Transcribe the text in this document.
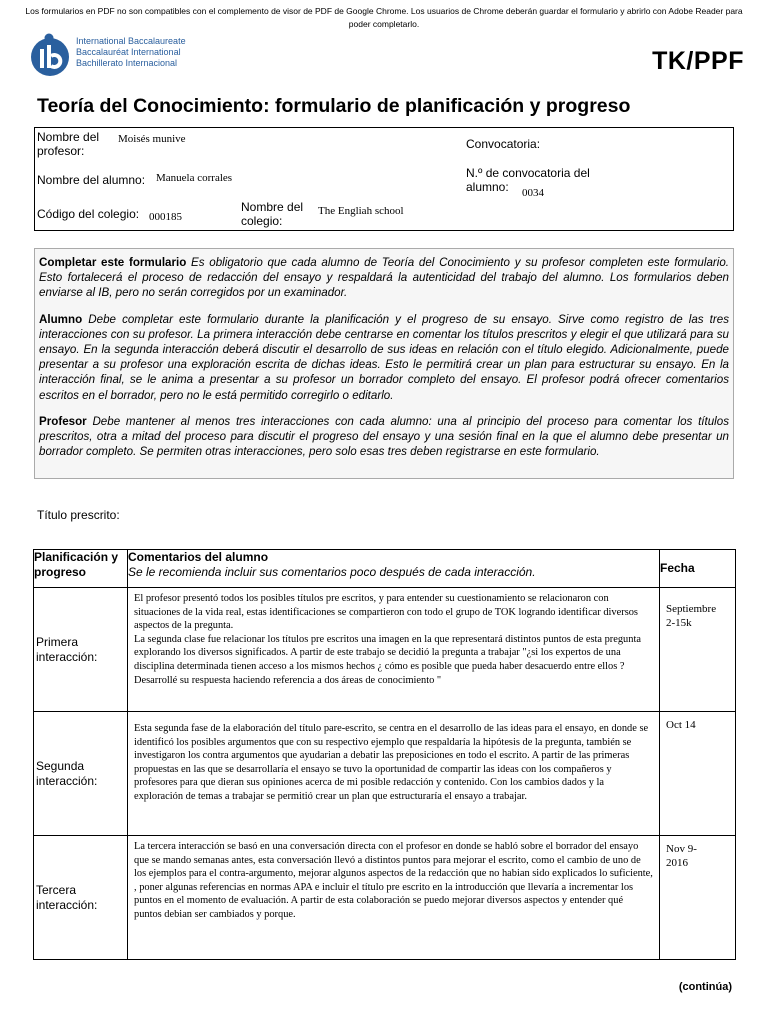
Los formularios en PDF no son compatibles con el complemento de visor de PDF de Google Chrome. Los usuarios de Chrome deberán guardar el formulario y abrirlo con Adobe Reader para poder completarlo.
International Baccalaureate
Baccalauréat International
Bachillerato Internacional	TK/PPF
Teoría del Conocimiento: formulario de planificación y progreso
Nombre del profesor:
Moisés munive	Convocatoria:
Nombre del alumno: Manuela corrales	N.º de convocatoria del alumno:	0034
Código del colegio: 000185
Nombre del colegio:
The Engliah school

Completar este formulario Es obligatorio que cada alumno de Teoría del Conocimiento y su profesor completen este formulario. Esto fortalecerá el proceso de redacción del ensayo y respaldará la autenticidad del trabajo del alumno. Los formularios deben enviarse al IB, pero no serán corregidos por un examinador.

Alumno Debe completar este formulario durante la planificación y el progreso de su ensayo. Sirve como registro de las tres interacciones con su profesor. La primera interacción debe centrarse en comentar los títulos prescritos y elegir el que utilizará para su ensayo. En la segunda interacción deberá discutir el desarrollo de sus ideas en relación con el título elegido. Adicionalmente, puede presentar a su profesor una exploración escrita de dichas ideas. Esto le permitirá crear un plan para estructurar su ensayo. En la interacción final, se le anima a presentar a su profesor un borrador completo del ensayo. El profesor podrá ofrecer comentarios escritos en el borrador, pero no le está permitido corregirlo o editarlo.

Profesor Debe mantener al menos tres interacciones con cada alumno: una al principio del proceso para comentar los títulos prescritos, otra a mitad del proceso para discutir el progreso del ensayo y una sesión final en la que el alumno debe presentar un borrador completo. Se permiten otras interacciones, pero solo esas tres deben registrarse en este formulario.

Título prescrito:
Planificación y progreso	Comentarios del alumno
Se le recomienda incluir sus comentarios poco después de cada interacción.	Fecha
Primera interacción:	El profesor presentó todos los posibles títulos pre escritos, y para entender su cuestionamiento se relacionaron con situaciones de la vida real, estas identificaciones se compartieron con todo el grupo de TOK logrando identificar diversos aspectos de la pregunta.
La segunda clase fue relacionar los títulos pre escritos una imagen en la que representará distintos puntos de esta pregunta explorando los diversos significados. A partir de este trabajo se decidió la pregunta a trabajar "¿si los expertos de una disciplina determinada tienen acceso a los mismos hechos ¿ cómo es posible que pueda haber desacuerdo entre ellos ? Desarrollé su respuesta haciendo referencia a dos áreas de conocimiento "	Septiembre
2-15k
Segunda interacción:	Esta segunda fase de la elaboración del título pare-escrito, se centra en el desarrollo de las ideas para el ensayo, en donde se identificó los posibles argumentos que con su respectivo ejemplo que respaldaría la hipótesis de la pregunta, también se investigaron los contra argumentos que ayudarian a debatir las preposiciones en todo el escrito. A partir de las primeras propuestas en las que se desarrollaría el ensayo se tuvo la oportunidad de compartir las ideas con los compañeros y profesores para que dieran sus opiniones acerca de mi posible redacción y contenido. Con los cambios dados y la exploración de temas a trabajar se permitió crear un plan que estructuraría el ensayo a trabajar.	Oct 14
Tercera interacción:	La tercera interacción se basó en una conversación directa con el profesor en donde se habló sobre el borrador del ensayo que se mando semanas antes, esta conversación llevó a distintos puntos para mejorar el escrito, como el cambio de uno de los ejemplos para el contra-argumento, mejorar algunos aspectos de la redacción que no habian sido explicados lo suficiente, , poner algunas referencias en normas APA e incluir el título pre escrito en la introducción que llevaría a incrementar los puntos en el momento de evaluación. A partir de esta colaboración se puedo mejorar diversos aspectos y entender qué puntos debian ser cambiados y porque.	Nov 9-
2016
(continúa)
